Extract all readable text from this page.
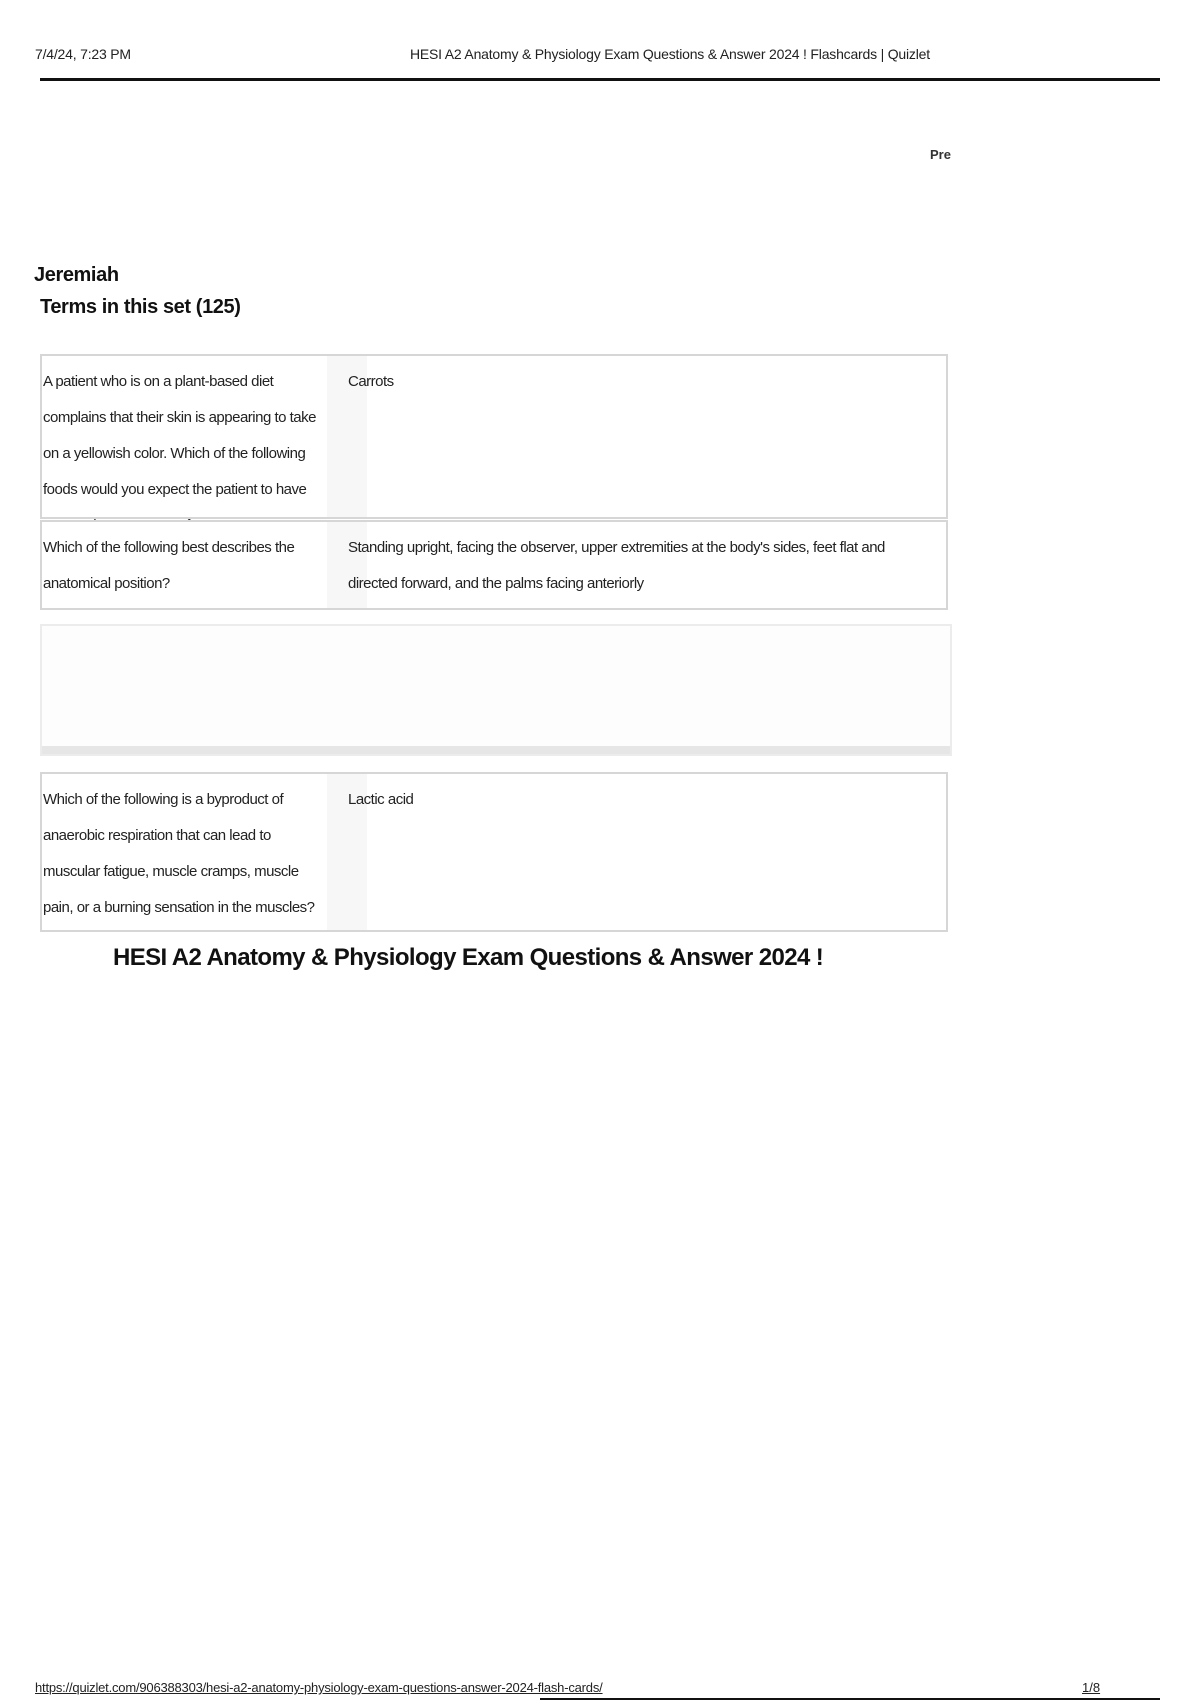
7/4/24, 7:23 PM	HESI A2 Anatomy & Physiology Exam Questions & Answer 2024 ! Flashcards | Quizlet
Pre
Jeremiah
Terms in this set (125)
A patient who is on a plant-based diet complains that their skin is appearing to take on a yellowish color. Which of the following foods would you expect the patient to have
Carrots
Which of the following best describes the anatomical position?
Standing upright, facing the observer, upper extremities at the body's sides, feet flat and directed forward, and the palms facing anteriorly
Which of the following is a byproduct of anaerobic respiration that can lead to muscular fatigue, muscle cramps, muscle pain, or a burning sensation in the muscles?
Lactic acid
HESI A2 Anatomy & Physiology Exam Questions & Answer 2024 !
https://quizlet.com/906388303/hesi-a2-anatomy-physiology-exam-questions-answer-2024-flash-cards/	1/8
